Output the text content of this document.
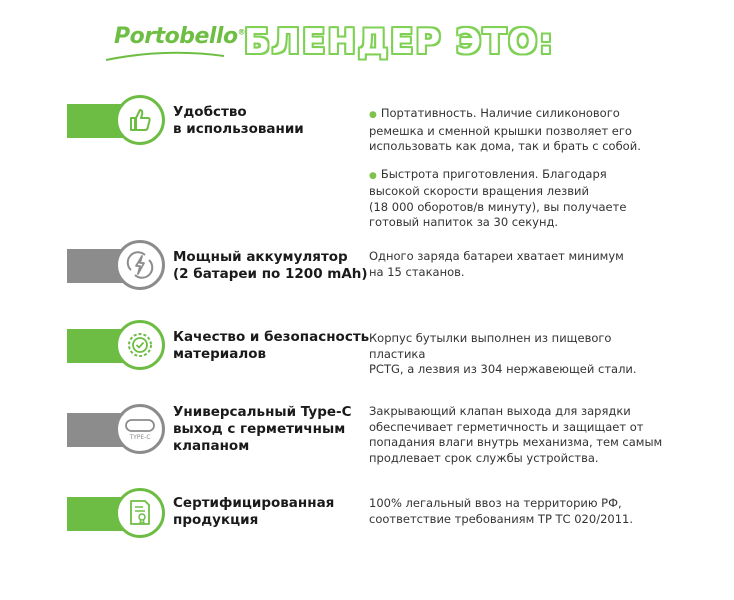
Portobello®
БЛЕНДЕР ЭТО:
Удобство
в использовании
● Портативность. Наличие силиконового
ремешка и сменной крышки позволяет его
использовать как дома, так и брать с собой.
● Быстрота приготовления. Благодаря
высокой скорости вращения лезвий
(18 000 оборотов/в минуту), вы получаете
готовый напиток за 30 секунд.
Мощный аккумулятор
(2 батареи по 1200 mAh)
Одного заряда батареи хватает минимум
на 15 стаканов.
Качество и безопасность
материалов
Корпус бутылки выполнен из пищевого пластика
PCTG, а лезвия из 304 нержавеющей стали.
TYPE-C
Универсальный Type-C
выход с герметичным
клапаном
Закрывающий клапан выхода для зарядки
обеспечивает герметичность и защищает от
попадания влаги внутрь механизма, тем самым
продлевает срок службы устройства.
Сертифицированная
продукция
100% легальный ввоз на территорию РФ,
соответствие требованиям ТР ТС 020/2011.
